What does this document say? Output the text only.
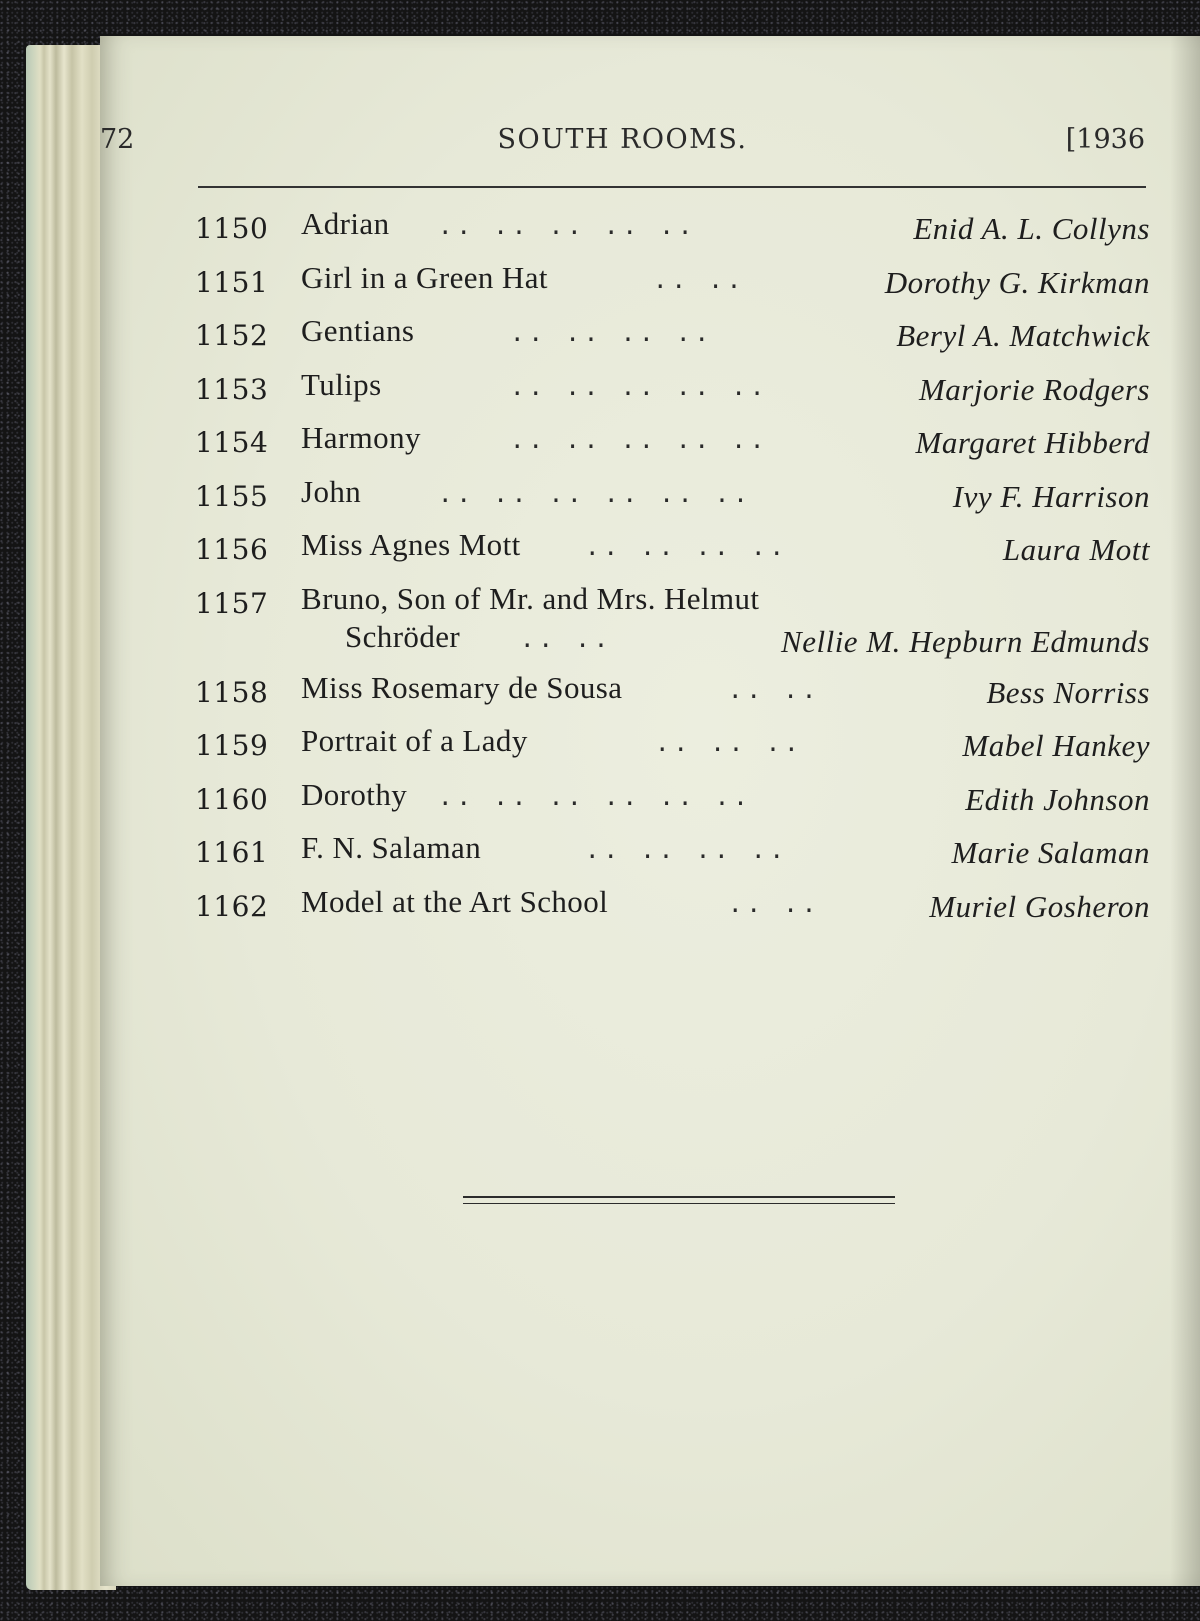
72	SOUTH ROOMS.	[1936
1150 Adrian .. .. .. .. ..	Enid A. L. Collyns
1151 Girl in a Green Hat	.. ..	Dorothy G. Kirkman
1152 Gentians	.. .. .. ..	Beryl A. Matchwick
1153 Tulips	.. .. .. .. ..	Marjorie Rodgers
1154 Harmony	.. .. .. .. ..	Margaret Hibberd
1155 John	.. .. .. .. .. ..	Ivy F. Harrison
1156 Miss Agnes Mott	.. .. .. ..	Laura Mott
1157 Bruno, Son of Mr. and Mrs. Helmut
Schröder .. ..	Nellie M. Hepburn Edmunds
1158 Miss Rosemary de Sousa	.. ..	Bess Norriss
1159 Portrait of a Lady	.. .. ..	Mabel Hankey
1160 Dorothy .. .. .. .. .. ..	Edith Johnson
1161 F. N. Salaman	.. .. .. ..	Marie Salaman
1162 Model at the Art School	.. ..	Muriel Gosheron
